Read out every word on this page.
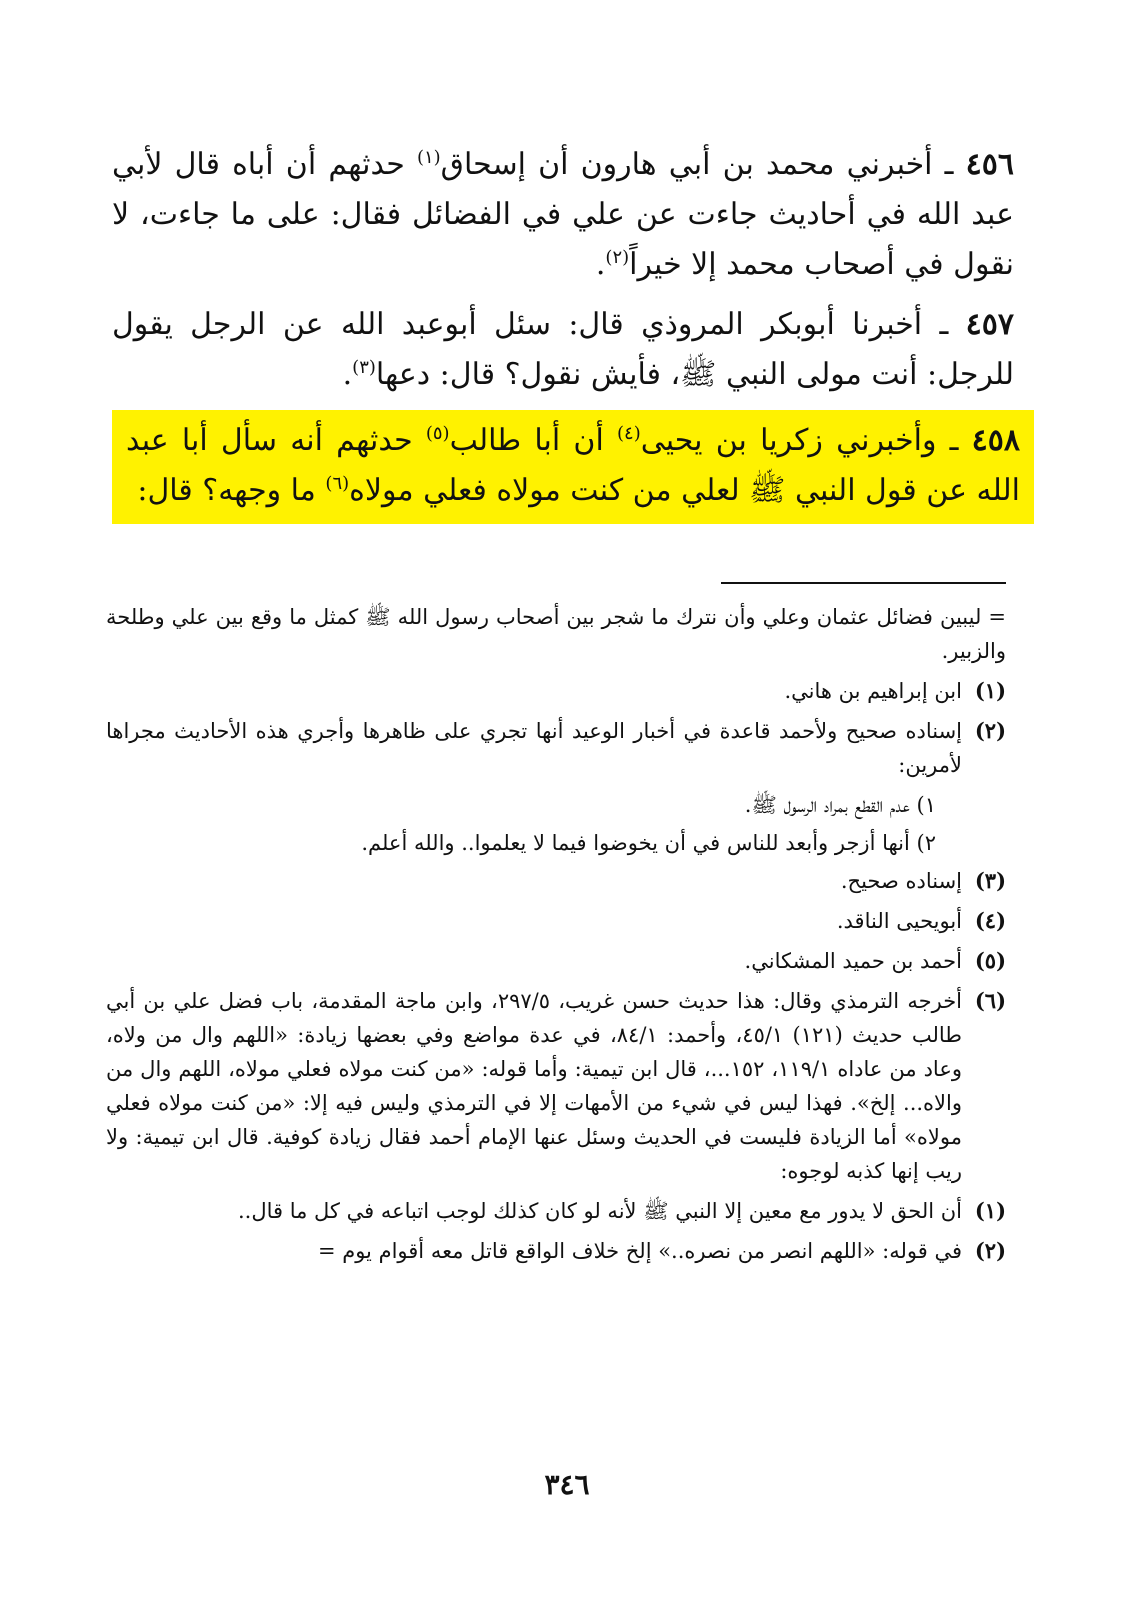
٤٥٦ ـ أخبرني محمد بن أبي هارون أن إسحاق$^{(١)}$ حدثهم أن أباه قال لأبي عبد الله في أحاديث جاءت عن علي في الفضائل فقال: على ما جاءت، لا نقول في أصحاب محمد إلا خيراً$^{(٢)}$.

٤٥٧ ـ أخبرنا أبوبكر المروذي قال: سئل أبوعبد الله عن الرجل يقول للرجل: أنت مولى النبي ﷺ، فأيش نقول؟ قال: دعها$^{(٣)}$.

٤٥٨ ـ وأخبرني زكريا بن يحيى$^{(٤)}$ أن أبا طالب$^{(٥)}$ حدثهم أنه سأل أبا عبد الله عن قول النبي ﷺ لعلي من كنت مولاه فعلي مولاه$^{(٦)}$ ما وجهه؟ قال:

= ليبين فضائل عثمان وعلي وأن نترك ما شجر بين أصحاب رسول الله ﷺ كمثل ما وقع بين علي وطلحة والزبير.

(١)
ابن إبراهيم بن هاني.

(٢)
إسناده صحيح ولأحمد قاعدة في أخبار الوعيد أنها تجري على ظاهرها وأجري هذه الأحاديث مجراها لأمرين:

١) عدم القطع بمراد الرسول ﷺ.

٢) أنها أزجر وأبعد للناس في أن يخوضوا فيما لا يعلموا.. والله أعلم.

(٣)
إسناده صحيح.

(٤)
أبويحيى الناقد.

(٥)
أحمد بن حميد المشكاني.

(٦)
أخرجه الترمذي وقال: هذا حديث حسن غريب، ٢٩٧/٥، وابن ماجة المقدمة، باب فضل علي بن أبي طالب حديث (١٢١) ٤٥/١، وأحمد: ٨٤/١، في عدة مواضع وفي بعضها زيادة: «اللهم وال من ولاه، وعاد من عاداه ١١٩/١، ١٥٢...، قال ابن تيمية: وأما قوله: «من كنت مولاه فعلي مولاه، اللهم وال من والاه... إلخ». فهذا ليس في شيء من الأمهات إلا في الترمذي وليس فيه إلا: «من كنت مولاه فعلي مولاه» أما الزيادة فليست في الحديث وسئل عنها الإمام أحمد فقال زيادة كوفية. قال ابن تيمية: ولا ريب إنها كذبه لوجوه:

(١)
أن الحق لا يدور مع معين إلا النبي ﷺ لأنه لو كان كذلك لوجب اتباعه في كل ما قال..

(٢)
في قوله: «اللهم انصر من نصره..» إلخ خلاف الواقع قاتل معه أقوام يوم =

٣٤٦
